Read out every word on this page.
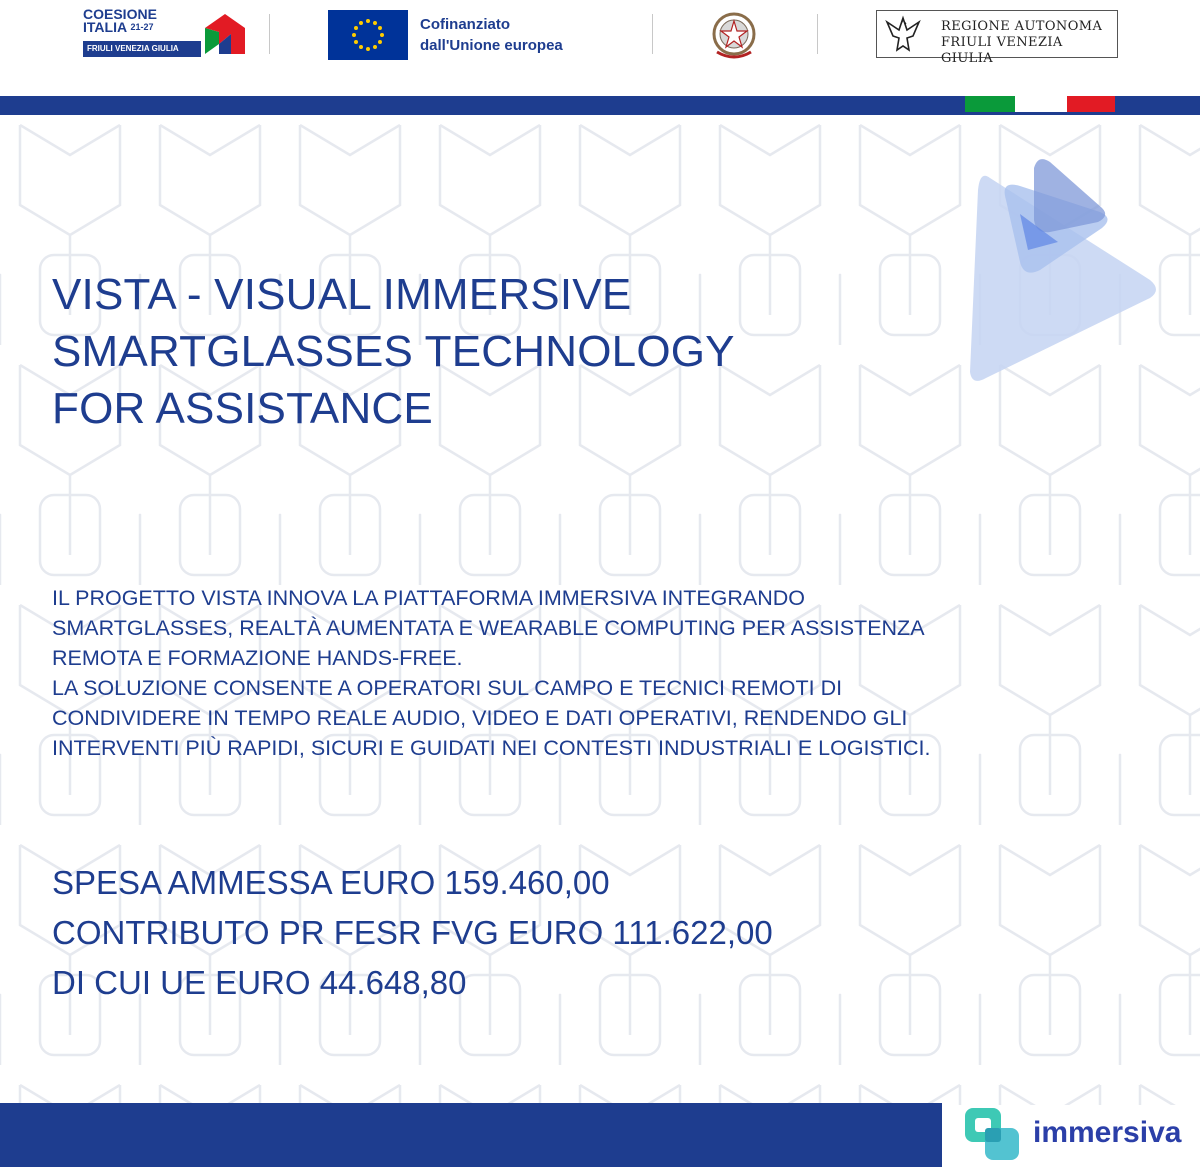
COESIONE
ITALIA $^{21-27}$
FRIULI VENEZIA GIULIA
Cofinanziato
dall'Unione europea
REGIONE AUTONOMA
FRIULI VENEZIA GIULIA
VISTA - VISUAL IMMERSIVE
SMARTGLASSES TECHNOLOGY
FOR ASSISTANCE

IL PROGETTO VISTA INNOVA LA PIATTAFORMA IMMERSIVA INTEGRANDO
SMARTGLASSES, REALTÀ AUMENTATA E WEARABLE COMPUTING PER ASSISTENZA
REMOTA E FORMAZIONE HANDS-FREE.
LA SOLUZIONE CONSENTE A OPERATORI SUL CAMPO E TECNICI REMOTI DI
CONDIVIDERE IN TEMPO REALE AUDIO, VIDEO E DATI OPERATIVI, RENDENDO GLI
INTERVENTI PIÙ RAPIDI, SICURI E GUIDATI NEI CONTESTI INDUSTRIALI E LOGISTICI.

SPESA AMMESSA EURO 159.460,00
CONTRIBUTO PR FESR FVG EURO 111.622,00
DI CUI UE EURO 44.648,80
immersiva
